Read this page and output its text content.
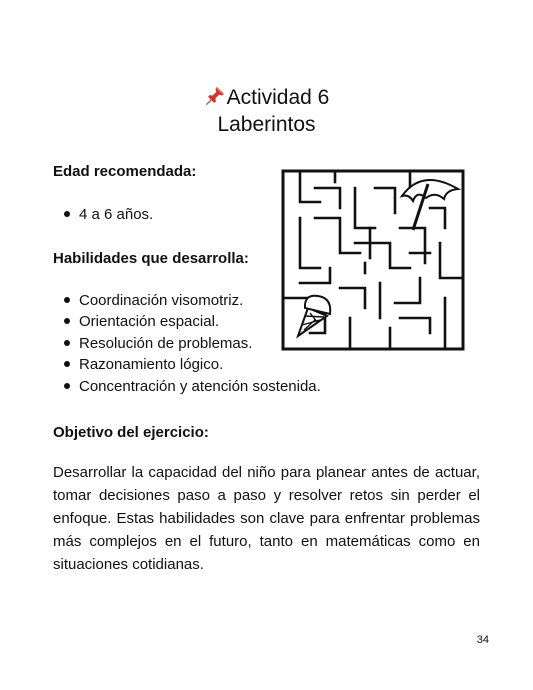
Actividad 6
Laberintos
Edad recomendada:
4 a 6 años.
Habilidades que desarrolla:
Coordinación visomotriz.
Orientación espacial.
Resolución de problemas.
Razonamiento lógico.
Concentración y atención sostenida.
Objetivo del ejercicio:

Desarrollar la capacidad del niño para planear antes de actuar, tomar decisiones paso a paso y resolver retos sin perder el enfoque. Estas habilidades son clave para enfrentar problemas más complejos en el futuro, tanto en matemáticas como en situaciones cotidianas.

34
